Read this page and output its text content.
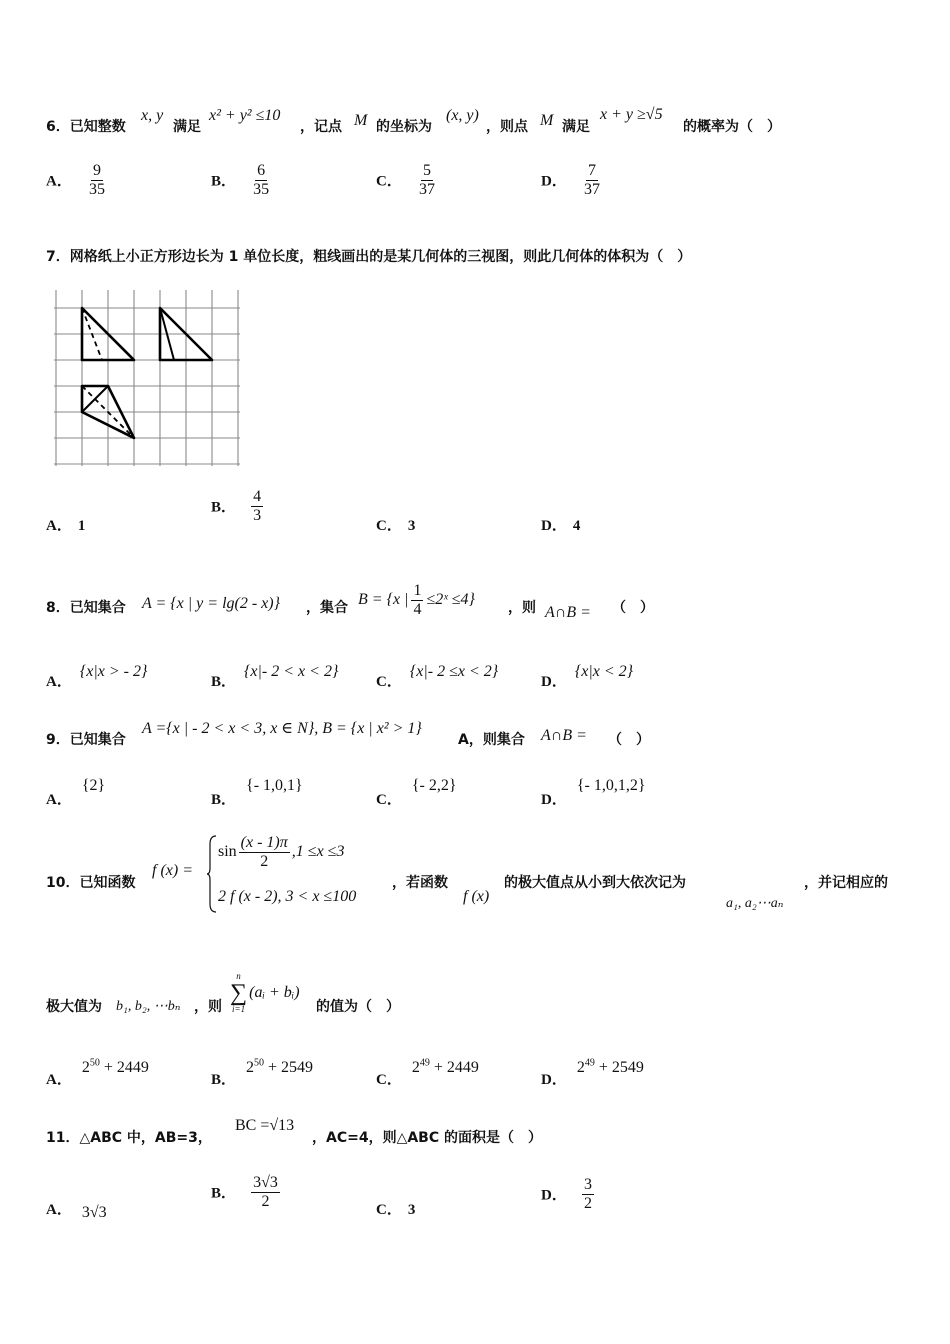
6．已知整数
x, y
满足
x² + y² ≤10
，记点 M 的坐标为
(x, y)
，则点 M 满足
x + y ≥√5
的概率为（　）
A． $\frac{9}{35}$	B． $\frac{6}{35}$	C． $\frac{5}{37}$	D． $\frac{7}{37}$
7．网格纸上小正方形边长为 1 单位长度，粗线画出的是某几何体的三视图，则此几何体的体积为（　）
A． 1
B． $\frac{4}{3}$
C． 3	D． 4
8．已知集合 A = {x | y = lg(2 - x)} ，集合 B = {x | $\frac{1}{4}$ ≤2ˣ ≤4} ，则 A∩B = （　）
A．{x|x > - 2}
B．{x|- 2 < x < 2}
C．{x|- 2 ≤x < 2}
D．{x|x < 2}
9．已知集合
A ={x | - 2 < x < 3, x ∈ N}, B = {x | x² > 1}
A，则集合 A∩B = （　）
A．{2}
B．{- 1,0,1}
C．{- 2,2}
D．{- 1,0,1,2}
10．已知函数
f (x) =
$\sin \frac{(x - 1)\pi}{2} ,1 \le x \le 3$
2 f (x - 2), 3 < x ≤100
，若函数
f (x)
的极大值点从小到大依次记为
a₁, a₂⋯aₙ
，并记相应的
极大值为 b₁, b₂, ⋯bₙ ，则
n
∑
i=1
(aᵢ + bᵢ)
的值为（　）
A．$2^{50} + 2449$
B．$2^{50} + 2549$
C．$2^{49} + 2449$
D．$2^{49} + 2549$
11．△ABC 中，AB=3，
BC =√13
，AC=4，则△ABC 的面积是（　）
A． 3√3
B． $\frac{3√3}{2}$	C． 3
D． $\frac{3}{2}$
